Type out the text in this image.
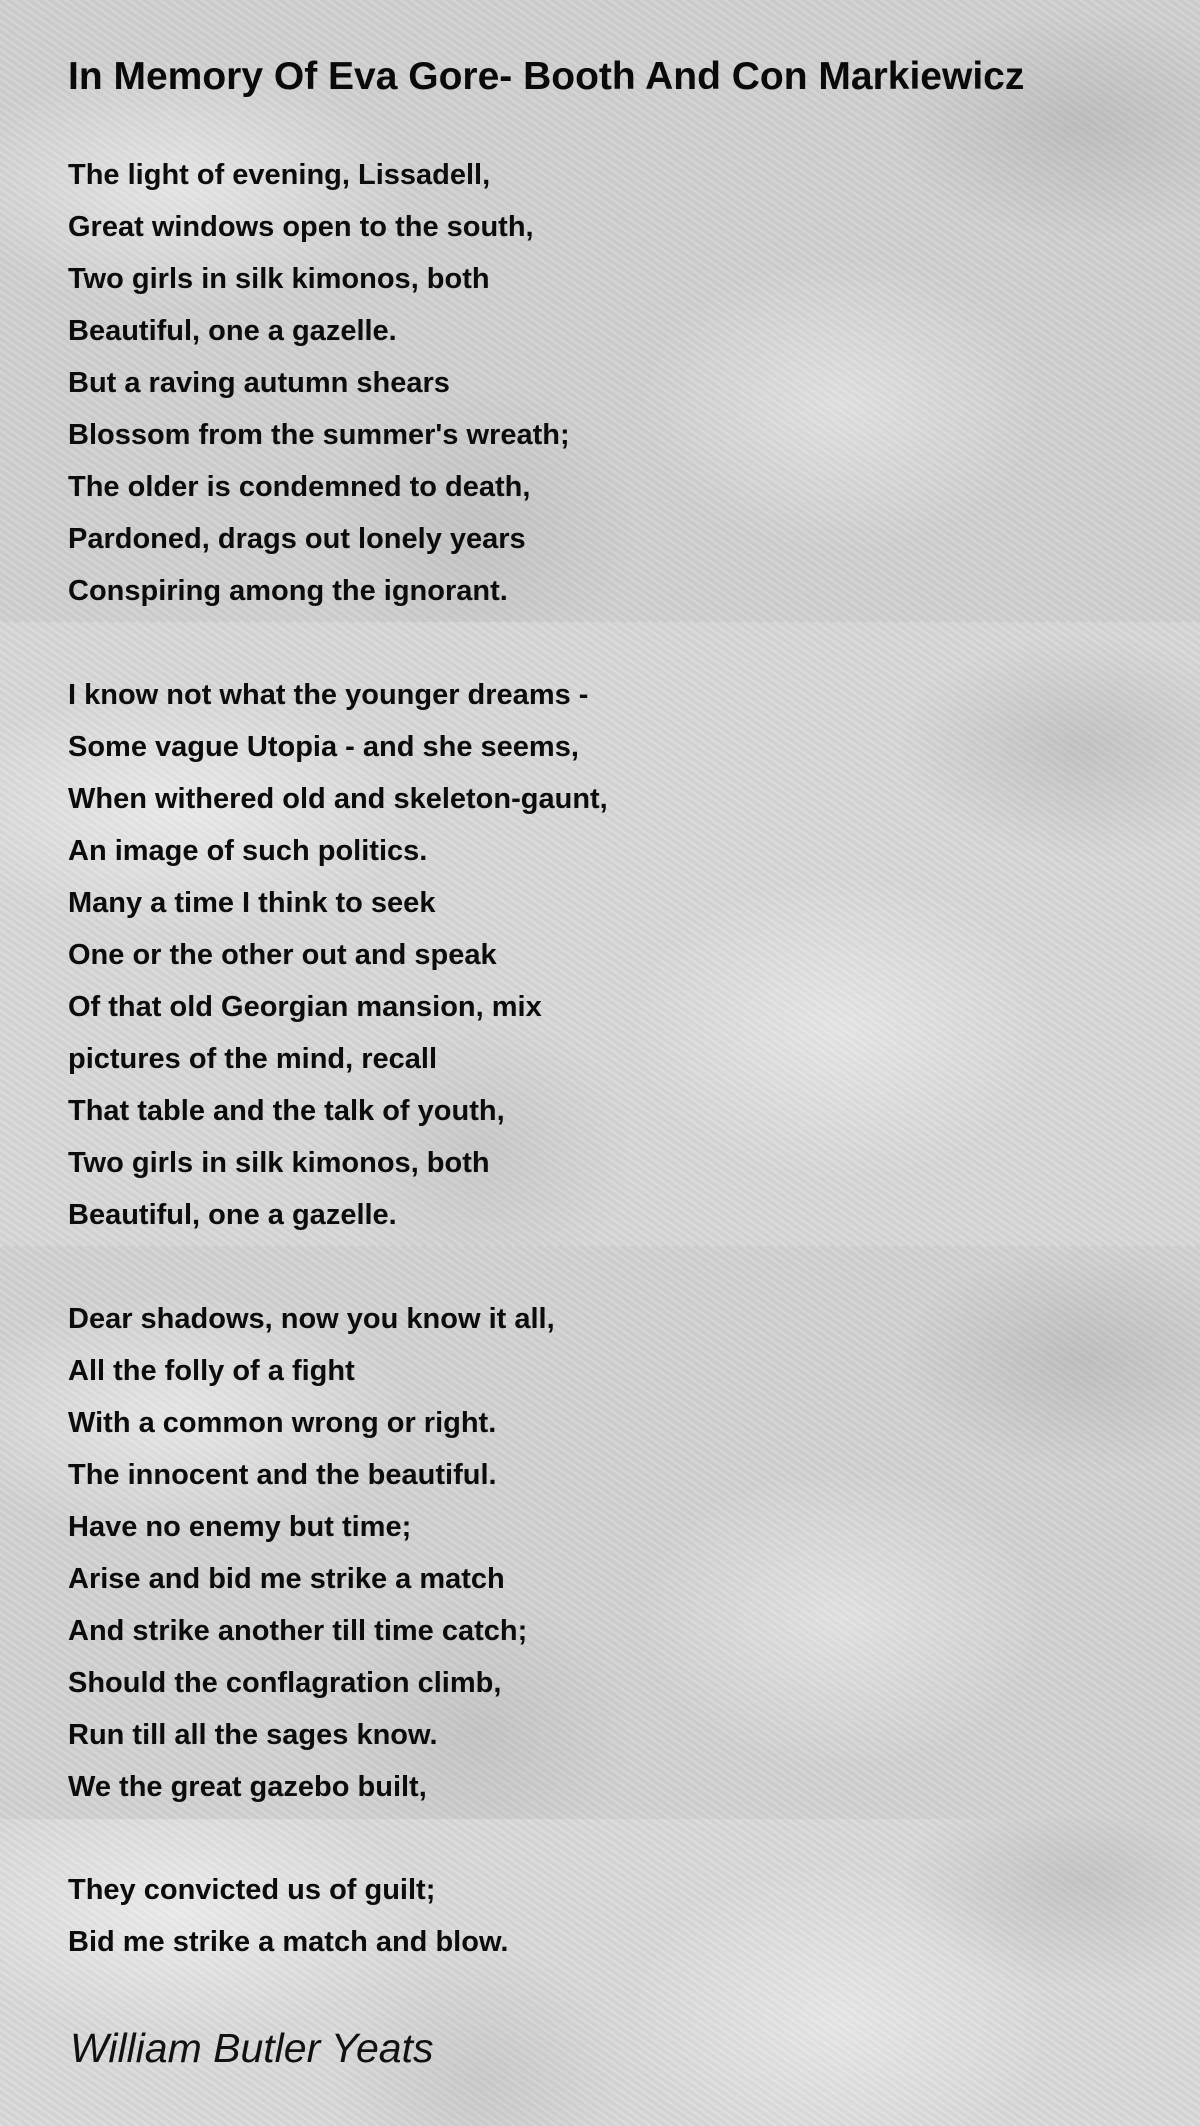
In Memory Of Eva Gore- Booth And Con Markiewicz
The light of evening, Lissadell,
Great windows open to the south,
Two girls in silk kimonos, both
Beautiful, one a gazelle.
But a raving autumn shears
Blossom from the summer's wreath;
The older is condemned to death,
Pardoned, drags out lonely years
Conspiring among the ignorant.
I know not what the younger dreams -
Some vague Utopia - and she seems,
When withered old and skeleton-gaunt,
An image of such politics.
Many a time I think to seek
One or the other out and speak
Of that old Georgian mansion, mix
pictures of the mind, recall
That table and the talk of youth,
Two girls in silk kimonos, both
Beautiful, one a gazelle.
Dear shadows, now you know it all,
All the folly of a fight
With a common wrong or right.
The innocent and the beautiful.
Have no enemy but time;
Arise and bid me strike a match
And strike another till time catch;
Should the conflagration climb,
Run till all the sages know.
We the great gazebo built,
They convicted us of guilt;
Bid me strike a match and blow.

William Butler Yeats
